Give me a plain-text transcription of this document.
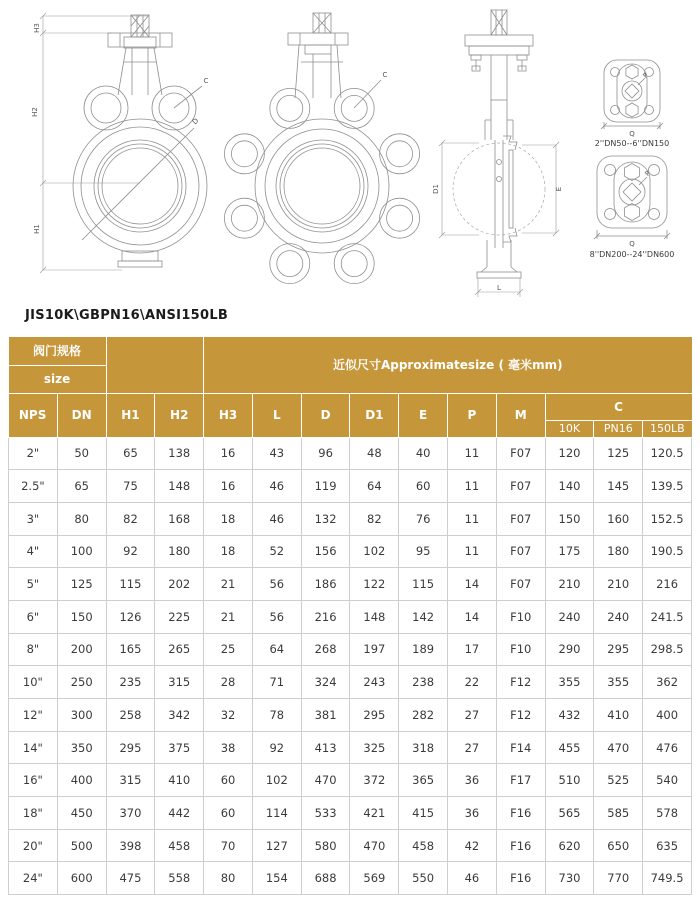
H3
H2
H1
D
C
C
D1	E
L
P
Q
2''DN50--6''DN150
P
Q
8''DN200--24''DN600
JIS10K\GBPN16\ANSI150LB
阀门规格				近似尺寸Approximatesize ( 毫米mm)									
size													
NPS	DN	H1	H2	H3	L	D	D1	E	P	M	C		
											10K	PN16	150LB
2"	50	65	138	16	43	96	48	40	11	F07	120	125	120.5
2.5"	65	75	148	16	46	119	64	60	11	F07	140	145	139.5
3"	80	82	168	18	46	132	82	76	11	F07	150	160	152.5
4"	100	92	180	18	52	156	102	95	11	F07	175	180	190.5
5"	125	115	202	21	56	186	122	115	14	F07	210	210	216
6"	150	126	225	21	56	216	148	142	14	F10	240	240	241.5
8"	200	165	265	25	64	268	197	189	17	F10	290	295	298.5
10"	250	235	315	28	71	324	243	238	22	F12	355	355	362
12"	300	258	342	32	78	381	295	282	27	F12	432	410	400
14"	350	295	375	38	92	413	325	318	27	F14	455	470	476
16"	400	315	410	60	102	470	372	365	36	F17	510	525	540
18"	450	370	442	60	114	533	421	415	36	F16	565	585	578
20"	500	398	458	70	127	580	470	458	42	F16	620	650	635
24"	600	475	558	80	154	688	569	550	46	F16	730	770	749.5
